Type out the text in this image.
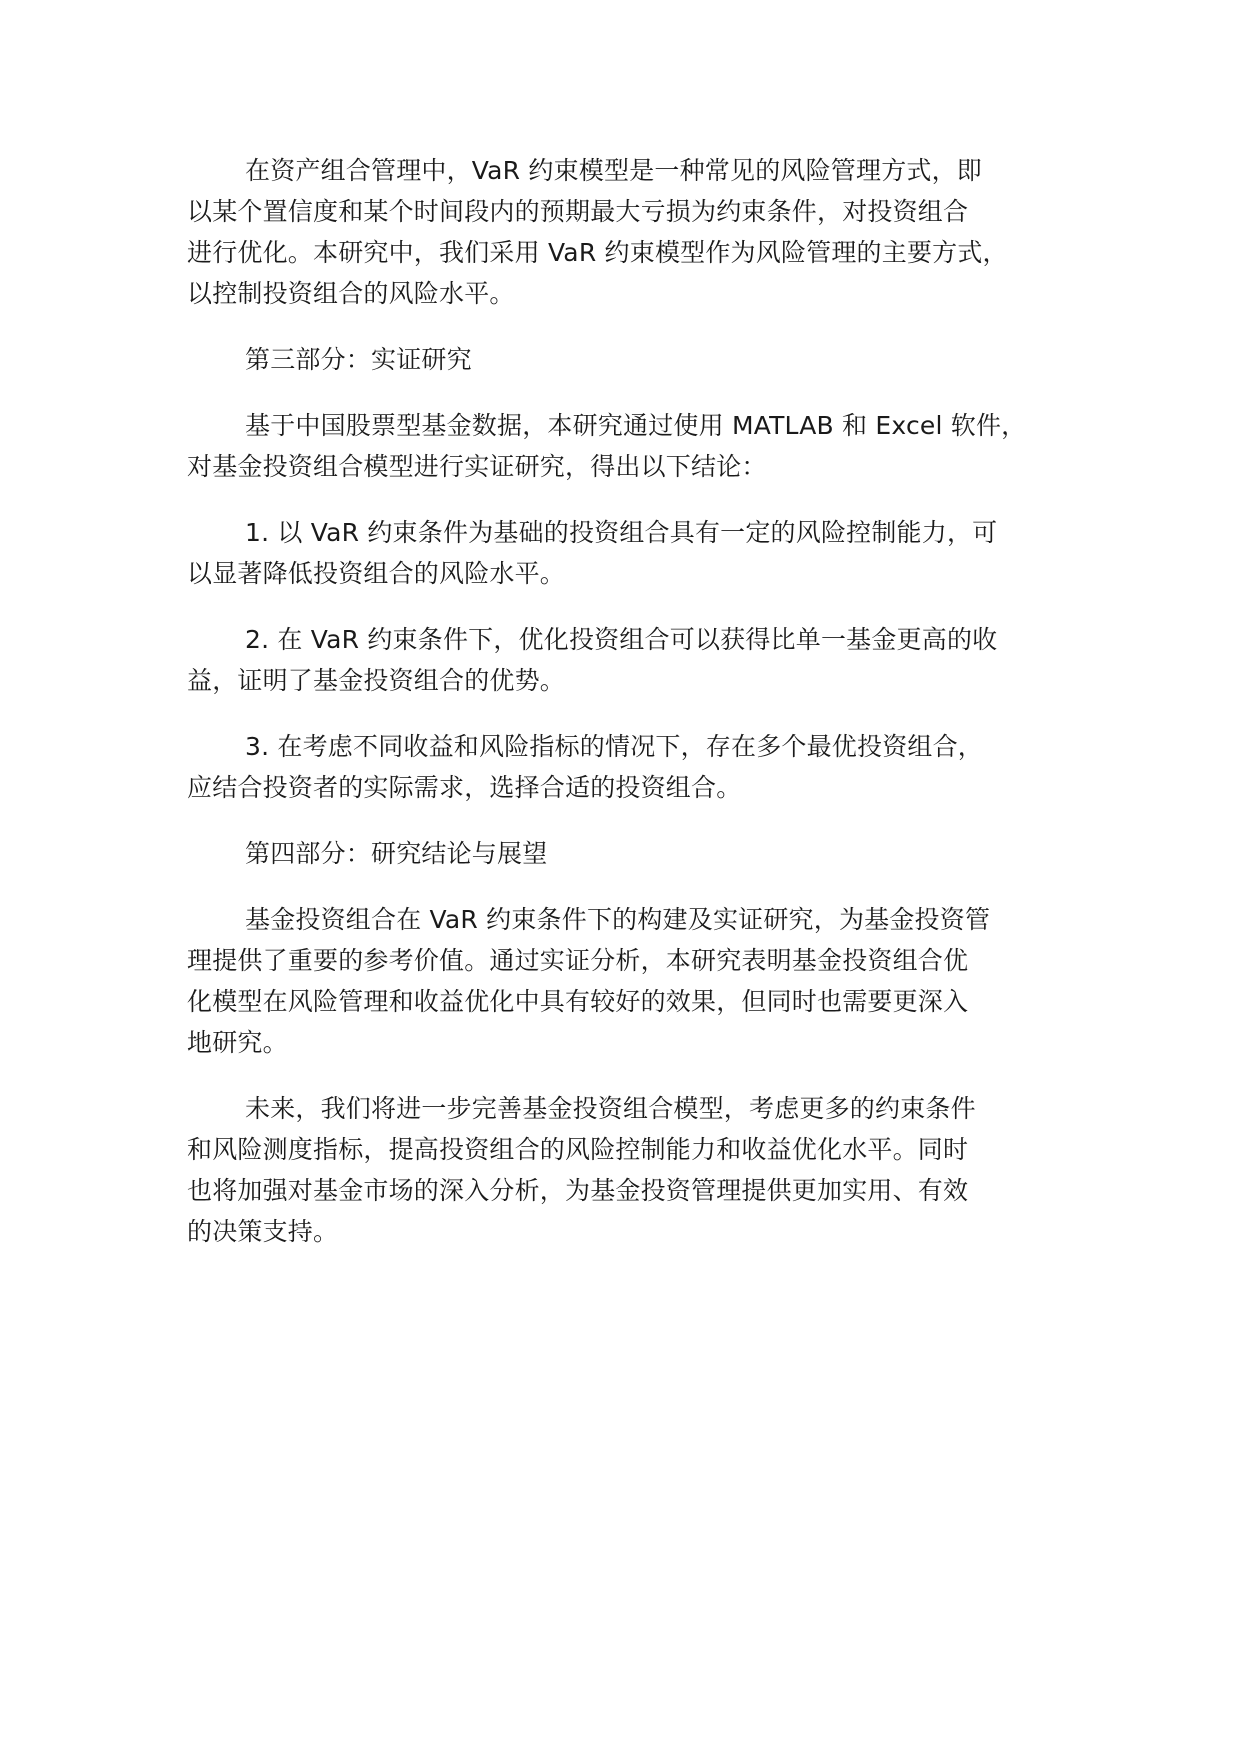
在资产组合管理中，VaR 约束模型是一种常见的风险管理方式，即
以某个置信度和某个时间段内的预期最大亏损为约束条件，对投资组合
进行优化。本研究中，我们采用 VaR 约束模型作为风险管理的主要方式，
以控制投资组合的风险水平。
第三部分：实证研究
基于中国股票型基金数据，本研究通过使用 MATLAB 和 Excel 软件，
对基金投资组合模型进行实证研究，得出以下结论：
1. 以 VaR 约束条件为基础的投资组合具有一定的风险控制能力，可
以显著降低投资组合的风险水平。
2. 在 VaR 约束条件下，优化投资组合可以获得比单一基金更高的收
益，证明了基金投资组合的优势。
3. 在考虑不同收益和风险指标的情况下，存在多个最优投资组合，
应结合投资者的实际需求，选择合适的投资组合。
第四部分：研究结论与展望
基金投资组合在 VaR 约束条件下的构建及实证研究，为基金投资管
理提供了重要的参考价值。通过实证分析，本研究表明基金投资组合优
化模型在风险管理和收益优化中具有较好的效果，但同时也需要更深入
地研究。
未来，我们将进一步完善基金投资组合模型，考虑更多的约束条件
和风险测度指标，提高投资组合的风险控制能力和收益优化水平。同时
也将加强对基金市场的深入分析，为基金投资管理提供更加实用、有效
的决策支持。
